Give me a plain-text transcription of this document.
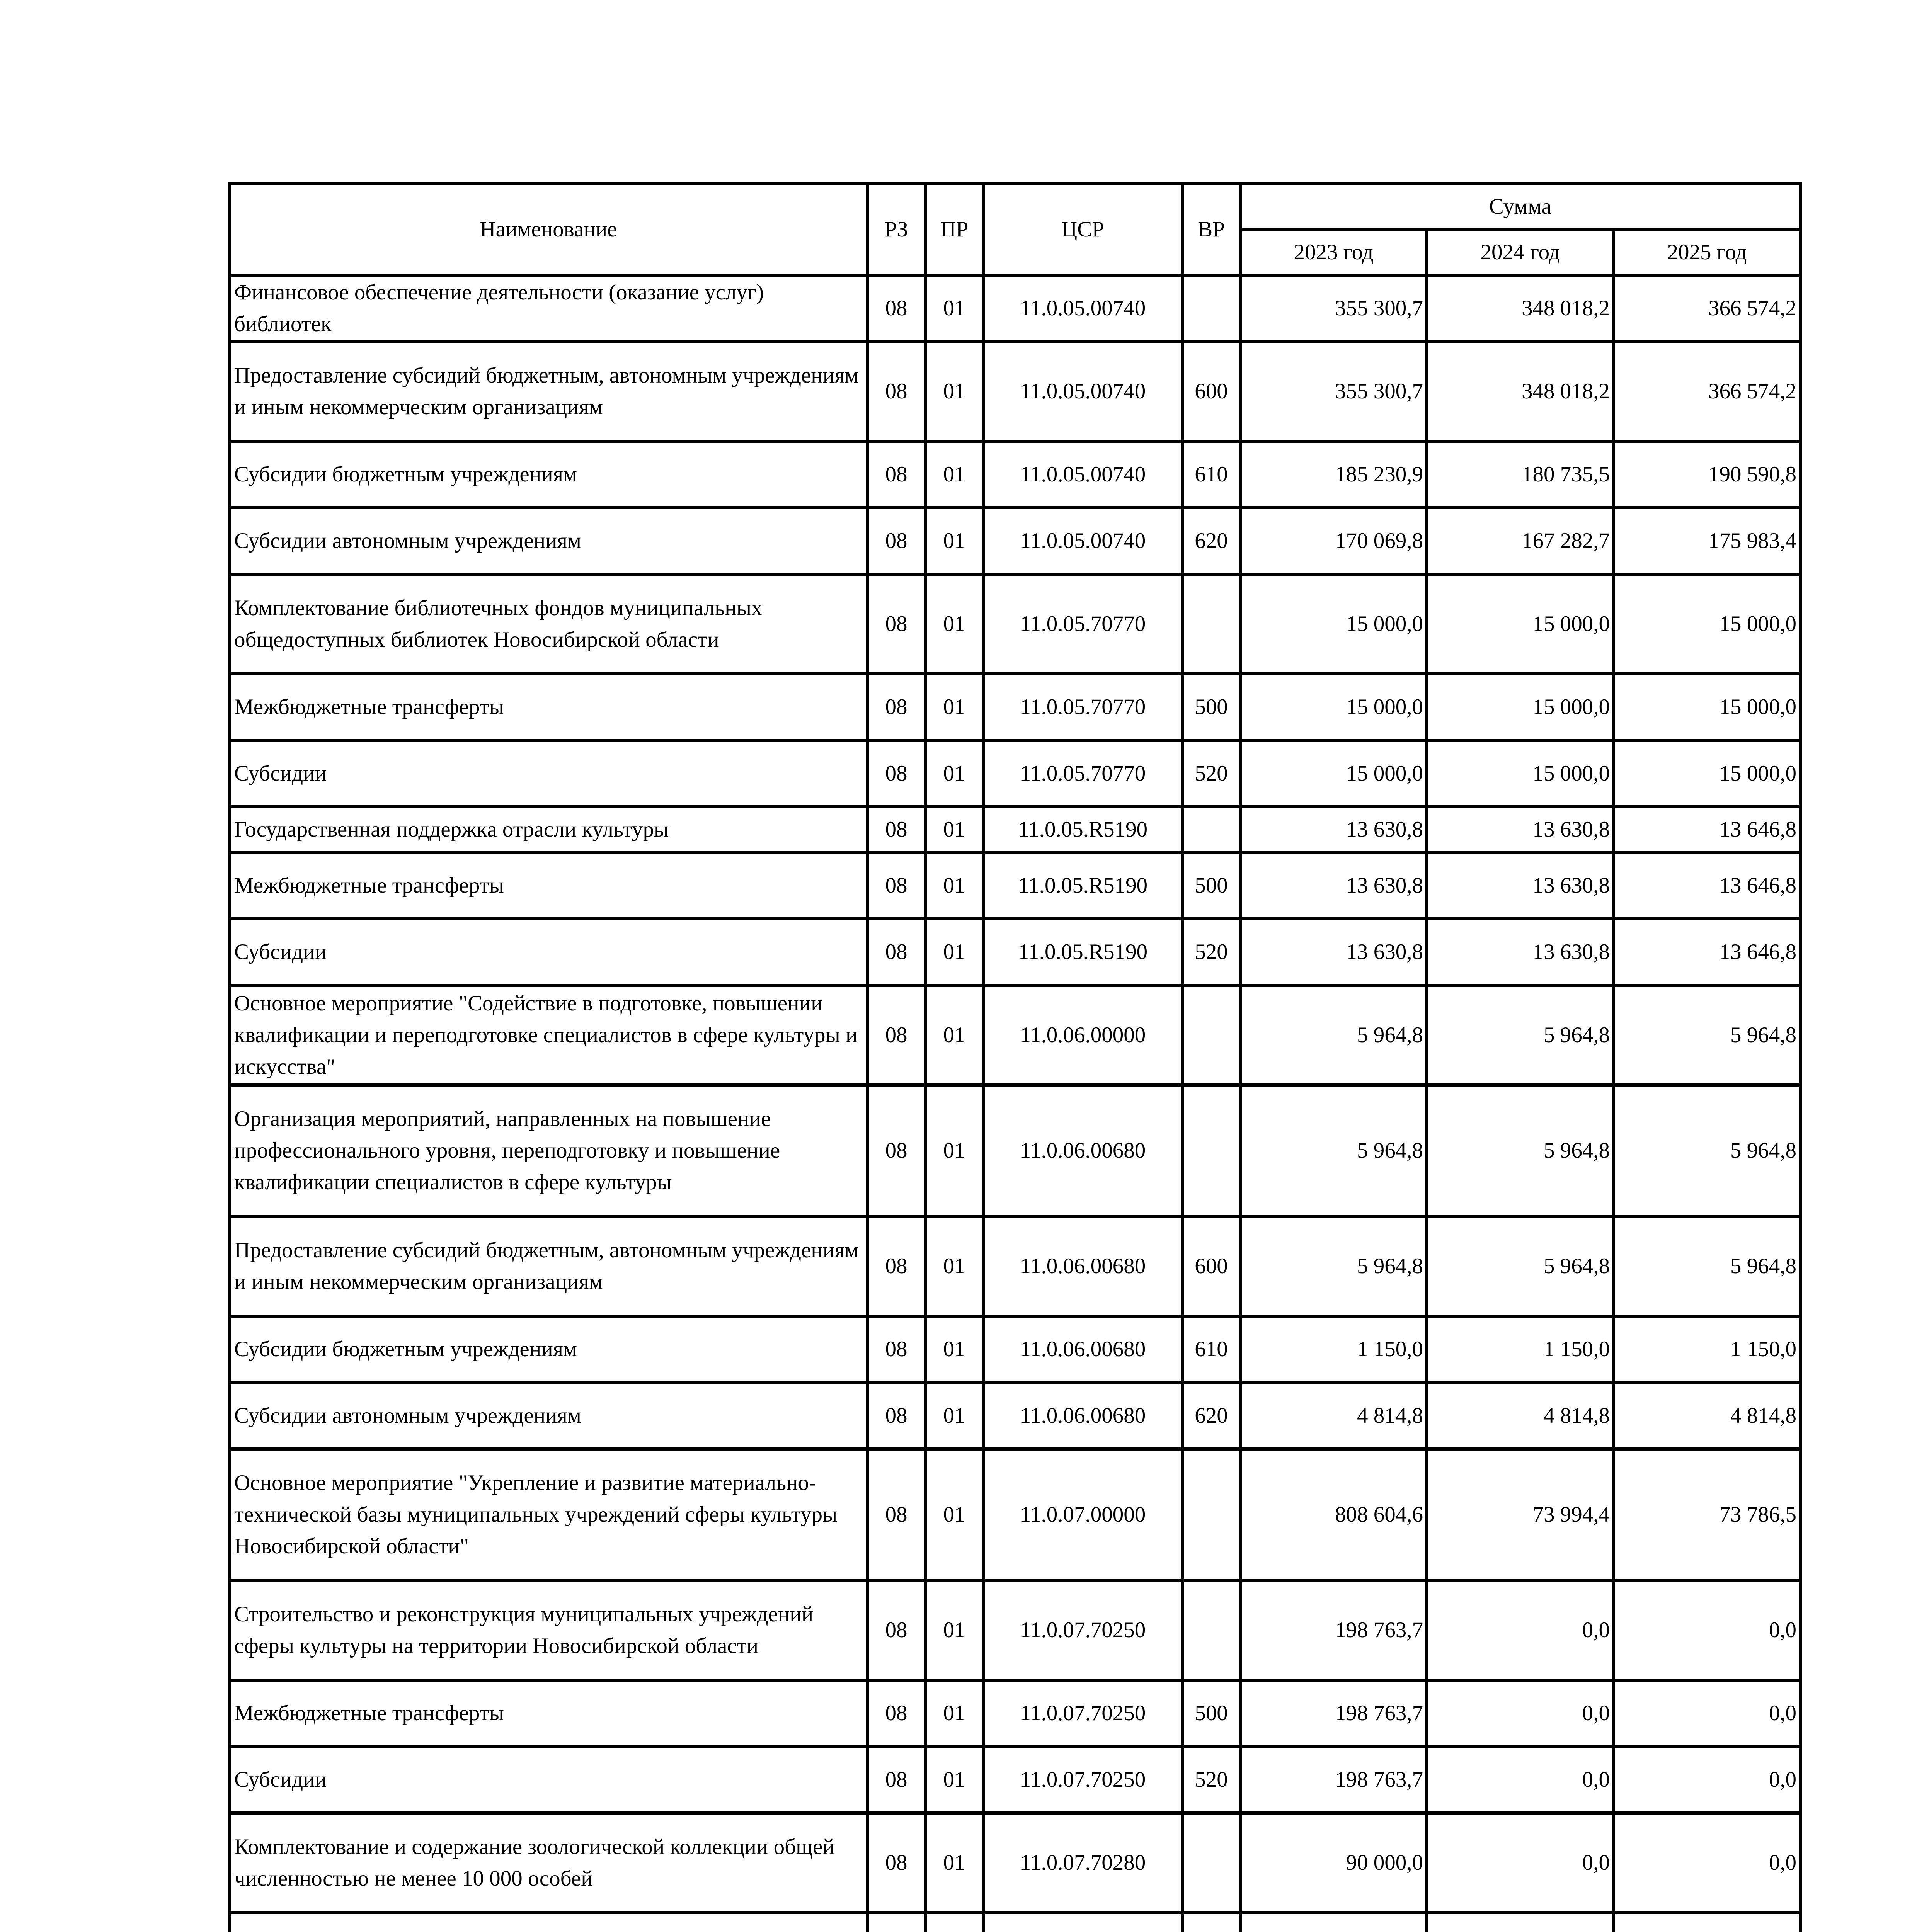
Наименование	РЗ	ПР	ЦСР	ВР	Сумма		
					2023 год	2024 год	2025 год
Финансовое обеспечение деятельности (оказание услуг) библиотек	08	01	11.0.05.00740		355 300,7	348 018,2	366 574,2
Предоставление субсидий бюджетным, автономным учреждениям и иным некоммерческим организациям	08	01	11.0.05.00740	600	355 300,7	348 018,2	366 574,2
Субсидии бюджетным учреждениям	08	01	11.0.05.00740	610	185 230,9	180 735,5	190 590,8
Субсидии автономным учреждениям	08	01	11.0.05.00740	620	170 069,8	167 282,7	175 983,4
Комплектование библиотечных фондов муниципальных общедоступных библиотек Новосибирской области	08	01	11.0.05.70770		15 000,0	15 000,0	15 000,0
Межбюджетные трансферты	08	01	11.0.05.70770	500	15 000,0	15 000,0	15 000,0
Субсидии	08	01	11.0.05.70770	520	15 000,0	15 000,0	15 000,0
Государственная поддержка отрасли культуры	08	01	11.0.05.R5190		13 630,8	13 630,8	13 646,8
Межбюджетные трансферты	08	01	11.0.05.R5190	500	13 630,8	13 630,8	13 646,8
Субсидии	08	01	11.0.05.R5190	520	13 630,8	13 630,8	13 646,8
Основное мероприятие "Содействие в подготовке, повышении квалификации и переподготовке специалистов в сфере культуры и искусства"	08	01	11.0.06.00000		5 964,8	5 964,8	5 964,8
Организация мероприятий, направленных на повышение профессионального уровня, переподготовку и повышение квалификации специалистов в сфере культуры	08	01	11.0.06.00680		5 964,8	5 964,8	5 964,8
Предоставление субсидий бюджетным, автономным учреждениям и иным некоммерческим организациям	08	01	11.0.06.00680	600	5 964,8	5 964,8	5 964,8
Субсидии бюджетным учреждениям	08	01	11.0.06.00680	610	1 150,0	1 150,0	1 150,0
Субсидии автономным учреждениям	08	01	11.0.06.00680	620	4 814,8	4 814,8	4 814,8
Основное мероприятие "Укрепление и развитие материально-технической базы муниципальных учреждений сферы культуры Новосибирской области"	08	01	11.0.07.00000		808 604,6	73 994,4	73 786,5
Строительство и реконструкция муниципальных учреждений сферы культуры на территории Новосибирской области	08	01	11.0.07.70250		198 763,7	0,0	0,0
Межбюджетные трансферты	08	01	11.0.07.70250	500	198 763,7	0,0	0,0
Субсидии	08	01	11.0.07.70250	520	198 763,7	0,0	0,0
Комплектование и содержание зоологической коллекции общей численностью не менее 10 000 особей	08	01	11.0.07.70280		90 000,0	0,0	0,0
